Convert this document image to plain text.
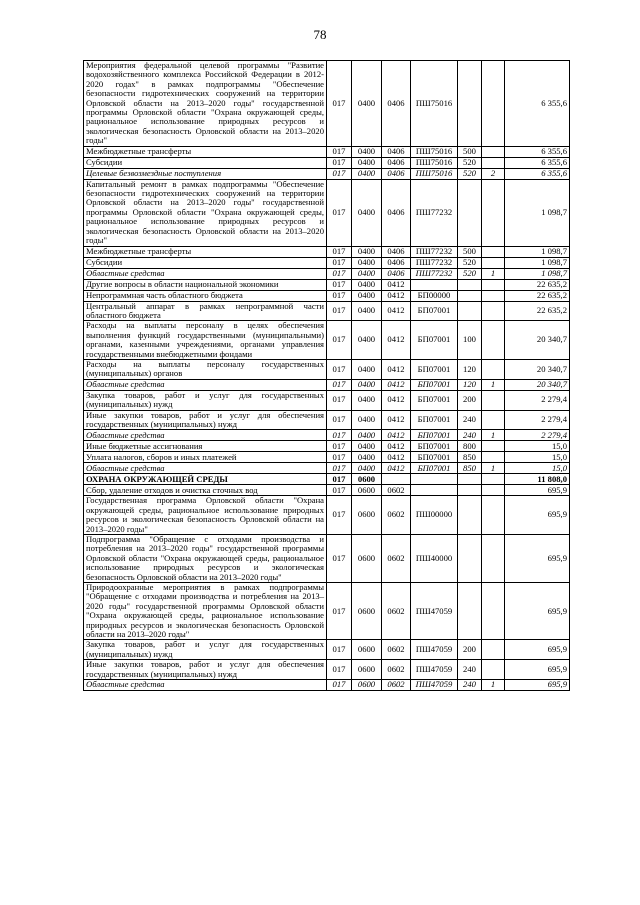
78
Мероприятия федеральной целевой программы "Развитие водохозяйственного комплекса Российской Федерации в 2012-2020 годах" в рамках подпрограммы "Обеспечение безопасности гидротехнических сооружений на территории Орловской области на 2013–2020 годы" государственной программы Орловской области "Охрана окружающей среды, рациональное использование природных ресурсов и экологическая безопасность Орловской области на 2013–2020 годы"	017	0400	0406	ПШ75016			6 355,6
Межбюджетные трансферты	017	0400	0406	ПШ75016	500		6 355,6
Субсидии	017	0400	0406	ПШ75016	520		6 355,6
Целевые безвозмездные поступления	017	0400	0406	ПШ75016	520	2	6 355,6
Капитальный ремонт в рамках подпрограммы "Обеспечение безопасности гидротехнических сооружений на территории Орловской области на 2013–2020 годы" государственной программы Орловской области "Охрана окружающей среды, рациональное использование природных ресурсов и экологическая безопасность Орловской области на 2013–2020 годы"	017	0400	0406	ПШ77232			1 098,7
Межбюджетные трансферты	017	0400	0406	ПШ77232	500		1 098,7
Субсидии	017	0400	0406	ПШ77232	520		1 098,7
Областные средства	017	0400	0406	ПШ77232	520	1	1 098,7
Другие вопросы в области национальной экономики	017	0400	0412				22 635,2
Непрограммная часть областного бюджета	017	0400	0412	БП00000			22 635,2
Центральный аппарат в рамках непрограммной части областного бюджета	017	0400	0412	БП07001			22 635,2
Расходы на выплаты персоналу в целях обеспечения выполнения функций государственными (муниципальными) органами, казенными учреждениями, органами управления государственными внебюджетными фондами	017	0400	0412	БП07001	100		20 340,7
Расходы на выплаты персоналу государственных (муниципальных) органов	017	0400	0412	БП07001	120		20 340,7
Областные средства	017	0400	0412	БП07001	120	1	20 340,7
Закупка товаров, работ и услуг для государственных (муниципальных) нужд	017	0400	0412	БП07001	200		2 279,4
Иные закупки товаров, работ и услуг для обеспечения государственных (муниципальных) нужд	017	0400	0412	БП07001	240		2 279,4
Областные средства	017	0400	0412	БП07001	240	1	2 279,4
Иные бюджетные ассигнования	017	0400	0412	БП07001	800		15,0
Уплата налогов, сборов и иных платежей	017	0400	0412	БП07001	850		15,0
Областные средства	017	0400	0412	БП07001	850	1	15,0
ОХРАНА ОКРУЖАЮЩЕЙ СРЕДЫ	017	0600					11 808,0
Сбор, удаление отходов и очистка сточных вод	017	0600	0602				695,9
Государственная программа Орловской области "Охрана окружающей среды, рациональное использование природных ресурсов и экологическая безопасность Орловской области на 2013–2020 годы"	017	0600	0602	ПШ00000			695,9
Подпрограмма "Обращение с отходами производства и потребления на 2013–2020 годы" государственной программы Орловской области "Охрана окружающей среды, рациональное использование природных ресурсов и экологическая безопасность Орловской области на 2013–2020 годы"	017	0600	0602	ПШ40000			695,9
Природоохранные мероприятия в рамках подпрограммы "Обращение с отходами производства и потребления на 2013–2020 годы" государственной программы Орловской области "Охрана окружающей среды, рациональное использование природных ресурсов и экологическая безопасность Орловской области на 2013–2020 годы"	017	0600	0602	ПШ47059			695,9
Закупка товаров, работ и услуг для государственных (муниципальных) нужд	017	0600	0602	ПШ47059	200		695,9
Иные закупки товаров, работ и услуг для обеспечения государственных (муниципальных) нужд	017	0600	0602	ПШ47059	240		695,9
Областные средства	017	0600	0602	ПШ47059	240	1	695,9
